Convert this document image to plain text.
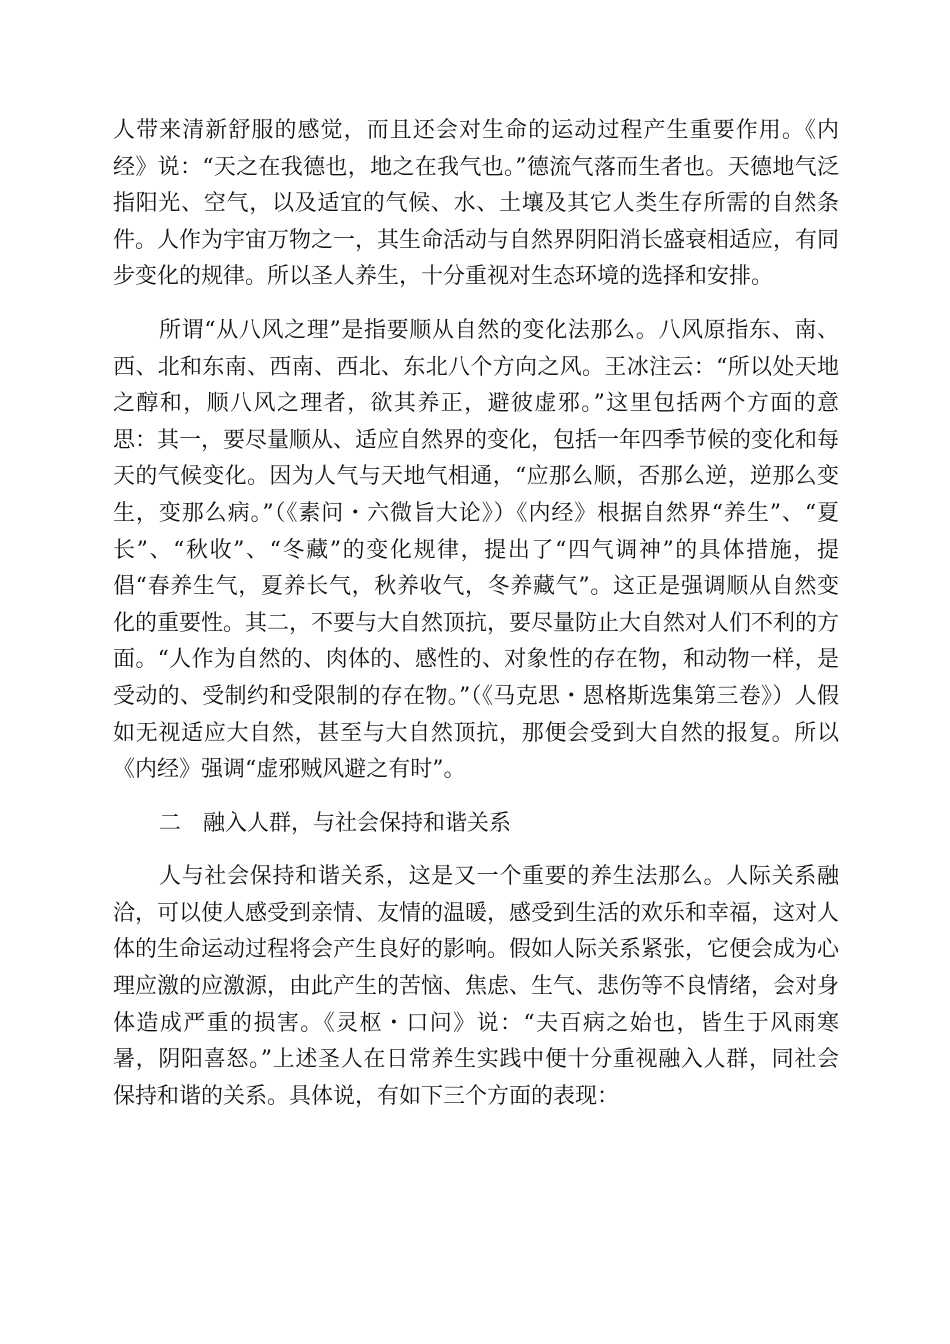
人带来清新舒服的感觉，而且还会对生命的运动过程产生重要作用。《内经》说：“天之在我德也，地之在我气也。”德流气落而生者也。天德地气泛指阳光、空气，以及适宜的气候、水、土壤及其它人类生存所需的自然条件。人作为宇宙万物之一，其生命活动与自然界阴阳消长盛衰相适应，有同步变化的规律。所以圣人养生，十分重视对生态环境的选择和安排。

所谓“从八风之理”是指要顺从自然的变化法那么。八风原指东、南、西、北和东南、西南、西北、东北八个方向之风。王冰注云：“所以处天地之醇和，顺八风之理者，欲其养正，避彼虚邪。”这里包括两个方面的意思：其一，要尽量顺从、适应自然界的变化，包括一年四季节候的变化和每天的气候变化。因为人气与天地气相通，“应那么顺，否那么逆，逆那么变生，变那么病。”（《素问・六微旨大论》）《内经》根据自然界“养生”、“夏长”、“秋收”、“冬藏”的变化规律，提出了“四气调神”的具体措施，提倡“春养生气，夏养长气，秋养收气，冬养藏气”。这正是强调顺从自然变化的重要性。其二，不要与大自然顶抗，要尽量防止大自然对人们不利的方面。“人作为自然的、肉体的、感性的、对象性的存在物，和动物一样，是受动的、受制约和受限制的存在物。”（《马克思・恩格斯选集第三卷》）人假如无视适应大自然，甚至与大自然顶抗，那便会受到大自然的报复。所以《内经》强调“虚邪贼风避之有时”。

二　融入人群，与社会保持和谐关系

人与社会保持和谐关系，这是又一个重要的养生法那么。人际关系融洽，可以使人感受到亲情、友情的温暖，感受到生活的欢乐和幸福，这对人体的生命运动过程将会产生良好的影响。假如人际关系紧张，它便会成为心理应激的应激源，由此产生的苦恼、焦虑、生气、悲伤等不良情绪，会对身体造成严重的损害。《灵枢・口问》说：“夫百病之始也，皆生于风雨寒暑，阴阳喜怒。”上述圣人在日常养生实践中便十分重视融入人群，同社会保持和谐的关系。具体说，有如下三个方面的表现：
